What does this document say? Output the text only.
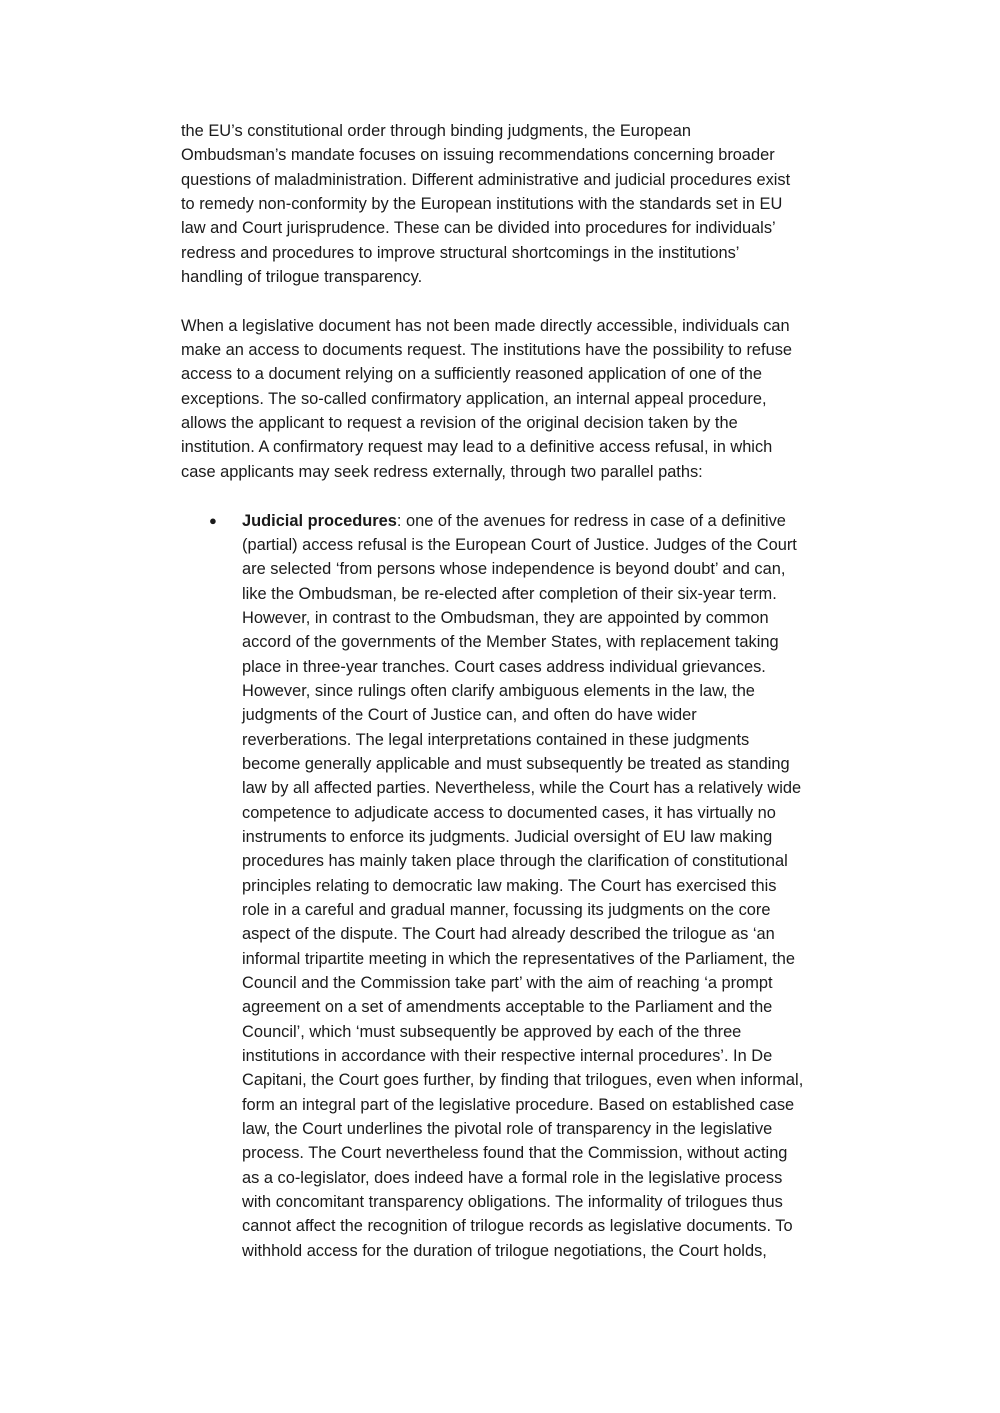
the EU’s constitutional order through binding judgments, the European
Ombudsman’s mandate focuses on issuing recommendations concerning broader
questions of maladministration. Different administrative and judicial procedures exist
to remedy non-conformity by the European institutions with the standards set in EU
law and Court jurisprudence. These can be divided into procedures for individuals’
redress and procedures to improve structural shortcomings in the institutions’
handling of trilogue transparency.

When a legislative document has not been made directly accessible, individuals can
make an access to documents request. The institutions have the possibility to refuse
access to a document relying on a sufficiently reasoned application of one of the
exceptions. The so-called confirmatory application, an internal appeal procedure,
allows the applicant to request a revision of the original decision taken by the
institution. A confirmatory request may lead to a definitive access refusal, in which
case applicants may seek redress externally, through two parallel paths:

● Judicial procedures: one of the avenues for redress in case of a definitive
(partial) access refusal is the European Court of Justice. Judges of the Court
are selected ‘from persons whose independence is beyond doubt’ and can,
like the Ombudsman, be re-elected after completion of their six-year term.
However, in contrast to the Ombudsman, they are appointed by common
accord of the governments of the Member States, with replacement taking
place in three-year tranches. Court cases address individual grievances.
However, since rulings often clarify ambiguous elements in the law, the
judgments of the Court of Justice can, and often do have wider
reverberations. The legal interpretations contained in these judgments
become generally applicable and must subsequently be treated as standing
law by all affected parties. Nevertheless, while the Court has a relatively wide
competence to adjudicate access to documented cases, it has virtually no
instruments to enforce its judgments. Judicial oversight of EU law making
procedures has mainly taken place through the clarification of constitutional
principles relating to democratic law making. The Court has exercised this
role in a careful and gradual manner, focussing its judgments on the core
aspect of the dispute. The Court had already described the trilogue as ‘an
informal tripartite meeting in which the representatives of the Parliament, the
Council and the Commission take part’ with the aim of reaching ‘a prompt
agreement on a set of amendments acceptable to the Parliament and the
Council’, which ‘must subsequently be approved by each of the three
institutions in accordance with their respective internal procedures’. In De
Capitani, the Court goes further, by finding that trilogues, even when informal,
form an integral part of the legislative procedure. Based on established case
law, the Court underlines the pivotal role of transparency in the legislative
process. The Court nevertheless found that the Commission, without acting
as a co-legislator, does indeed have a formal role in the legislative process
with concomitant transparency obligations. The informality of trilogues thus
cannot affect the recognition of trilogue records as legislative documents. To
withhold access for the duration of trilogue negotiations, the Court holds,
